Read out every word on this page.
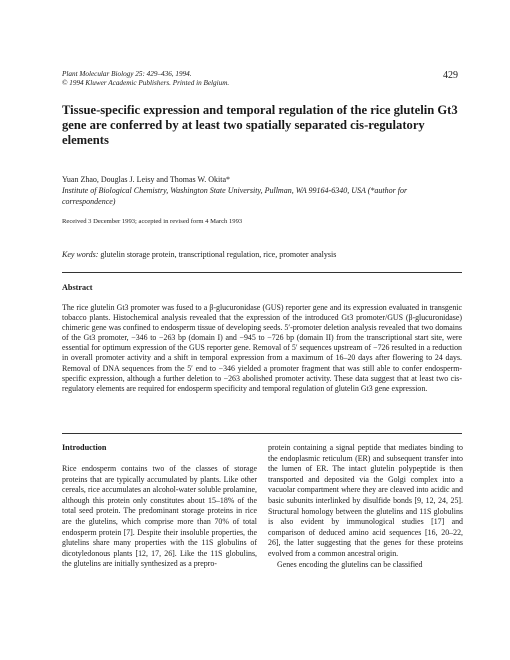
Plant Molecular Biology 25: 429–436, 1994.
© 1994 Kluwer Academic Publishers. Printed in Belgium.
429
Tissue-specific expression and temporal regulation of the rice glutelin Gt3 gene are conferred by at least two spatially separated cis-regulatory elements
Yuan Zhao, Douglas J. Leisy and Thomas W. Okita*
Institute of Biological Chemistry, Washington State University, Pullman, WA 99164-6340, USA (*author for correspondence)
Received 3 December 1993; accepted in revised form 4 March 1993
Key words: glutelin storage protein, transcriptional regulation, rice, promoter analysis
Abstract
The rice glutelin Gt3 promoter was fused to a β-glucuronidase (GUS) reporter gene and its expression evaluated in transgenic tobacco plants. Histochemical analysis revealed that the expression of the introduced Gt3 promoter/GUS (β-glucuronidase) chimeric gene was confined to endosperm tissue of developing seeds. 5′-promoter deletion analysis revealed that two domains of the Gt3 promoter, −346 to −263 bp (domain I) and −945 to −726 bp (domain II) from the transcriptional start site, were essential for optimum expression of the GUS reporter gene. Removal of 5′ sequences upstream of −726 resulted in a reduction in overall promoter activity and a shift in temporal expression from a maximum of 16–20 days after flowering to 24 days. Removal of DNA sequences from the 5′ end to −346 yielded a promoter fragment that was still able to confer endosperm-specific expression, although a further deletion to −263 abolished promoter activity. These data suggest that at least two cis-regulatory elements are required for endosperm specificity and temporal regulation of glutelin Gt3 gene expression.
Introduction

Rice endosperm contains two of the classes of storage proteins that are typically accumulated by plants. Like other cereals, rice accumulates an alcohol-water soluble prolamine, although this protein only constitutes about 15–18% of the total seed protein. The predominant storage proteins in rice are the glutelins, which comprise more than 70% of total endosperm protein [7]. Despite their insoluble properties, the glutelins share many properties with the 11S globulins of dicotyledonous plants [12, 17, 26]. Like the 11S globulins, the glutelins are initially synthesized as a prepro-

protein containing a signal peptide that mediates binding to the endoplasmic reticulum (ER) and subsequent transfer into the lumen of ER. The intact glutelin polypeptide is then transported and deposited via the Golgi complex into a vacuolar compartment where they are cleaved into acidic and basic subunits interlinked by disulfide bonds [9, 12, 24, 25]. Structural homology between the glutelins and 11S globulins is also evident by immunological studies [17] and comparison of deduced amino acid sequences [16, 20–22, 26], the latter suggesting that the genes for these proteins evolved from a common ancestral origin.

Genes encoding the glutelins can be classified
